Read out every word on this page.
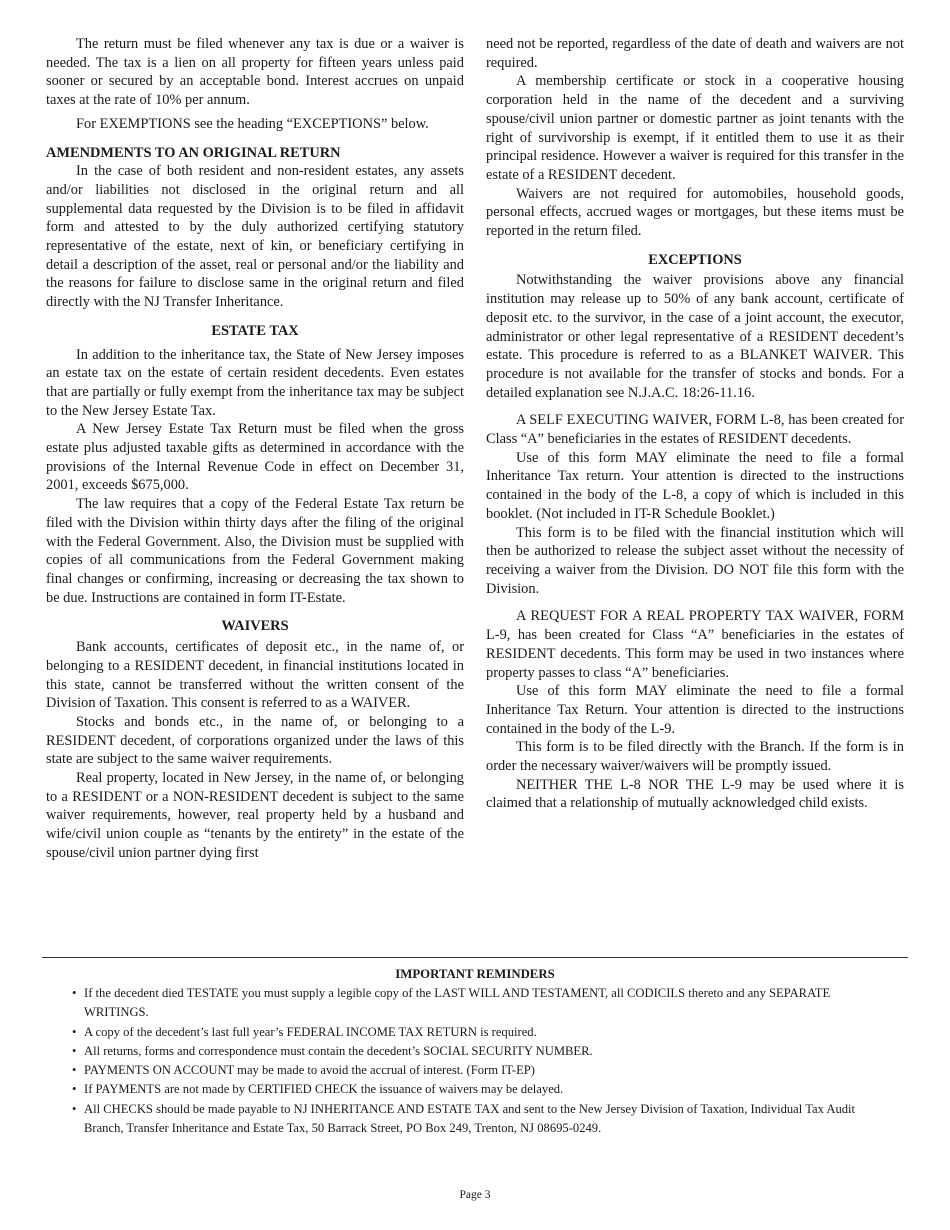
The return must be filed whenever any tax is due or a waiver is needed. The tax is a lien on all property for fifteen years unless paid sooner or secured by an acceptable bond. Interest accrues on unpaid taxes at the rate of 10% per annum.

For EXEMPTIONS see the heading “EXCEPTIONS” below.

AMENDMENTS TO AN ORIGINAL RETURN

In the case of both resident and non-resident estates, any assets and/or liabilities not disclosed in the original return and all supplemental data requested by the Division is to be filed in affidavit form and attested to by the duly authorized certifying statutory representative of the estate, next of kin, or beneficiary certifying in detail a description of the asset, real or personal and/or the liability and the reasons for failure to disclose same in the original return and filed directly with the NJ Transfer Inheritance.

ESTATE TAX

In addition to the inheritance tax, the State of New Jersey imposes an estate tax on the estate of certain resident decedents. Even estates that are partially or fully exempt from the inheritance tax may be subject to the New Jersey Estate Tax.

A New Jersey Estate Tax Return must be filed when the gross estate plus adjusted taxable gifts as determined in accordance with the provisions of the Internal Revenue Code in effect on December 31, 2001, exceeds $675,000.

The law requires that a copy of the Federal Estate Tax return be filed with the Division within thirty days after the filing of the original with the Federal Government. Also, the Division must be supplied with copies of all communications from the Federal Government making final changes or confirming, increasing or decreasing the tax shown to be due. Instructions are contained in form IT-Estate.

WAIVERS

Bank accounts, certificates of deposit etc., in the name of, or belonging to a RESIDENT decedent, in financial institutions located in this state, cannot be transferred without the written consent of the Division of Taxation. This consent is referred to as a WAIVER.

Stocks and bonds etc., in the name of, or belonging to a RESIDENT decedent, of corporations organized under the laws of this state are subject to the same waiver requirements.

Real property, located in New Jersey, in the name of, or belonging to a RESIDENT or a NON-RESIDENT decedent is subject to the same waiver requirements, however, real property held by a husband and wife/civil union couple as “tenants by the entirety” in the estate of the spouse/civil union partner dying first

need not be reported, regardless of the date of death and waivers are not required.

A membership certificate or stock in a cooperative housing corporation held in the name of the decedent and a surviving spouse/civil union partner or domestic partner as joint tenants with the right of survivorship is exempt, if it entitled them to use it as their principal residence. However a waiver is required for this transfer in the estate of a RESIDENT decedent.

Waivers are not required for automobiles, household goods, personal effects, accrued wages or mortgages, but these items must be reported in the return filed.

EXCEPTIONS

Notwithstanding the waiver provisions above any financial institution may release up to 50% of any bank account, certificate of deposit etc. to the survivor, in the case of a joint account, the executor, administrator or other legal representative of a RESIDENT decedent’s estate. This procedure is referred to as a BLANKET WAIVER. This procedure is not available for the transfer of stocks and bonds. For a detailed explanation see N.J.A.C. 18:26-11.16.

A SELF EXECUTING WAIVER, FORM L-8, has been created for Class “A” beneficiaries in the estates of RESIDENT decedents.

Use of this form MAY eliminate the need to file a formal Inheritance Tax return. Your attention is directed to the instructions contained in the body of the L-8, a copy of which is included in this booklet. (Not included in IT-R Schedule Booklet.)

This form is to be filed with the financial institution which will then be authorized to release the subject asset without the necessity of receiving a waiver from the Division. DO NOT file this form with the Division.

A REQUEST FOR A REAL PROPERTY TAX WAIVER, FORM L-9, has been created for Class “A” beneficiaries in the estates of RESIDENT decedents. This form may be used in two instances where property passes to class “A” beneficiaries.

Use of this form MAY eliminate the need to file a formal Inheritance Tax Return. Your attention is directed to the instructions contained in the body of the L-9.

This form is to be filed directly with the Branch. If the form is in order the necessary waiver/waivers will be promptly issued.

NEITHER THE L-8 NOR THE L-9 may be used where it is claimed that a relationship of mutually acknowledged child exists.

IMPORTANT REMINDERS
• If the decedent died TESTATE you must supply a legible copy of the LAST WILL AND TESTAMENT, all CODICILS thereto and any SEPARATE WRITINGS.
• A copy of the decedent’s last full year’s FEDERAL INCOME TAX RETURN is required.
• All returns, forms and correspondence must contain the decedent’s SOCIAL SECURITY NUMBER.
• PAYMENTS ON ACCOUNT may be made to avoid the accrual of interest. (Form IT-EP)
• If PAYMENTS are not made by CERTIFIED CHECK the issuance of waivers may be delayed.
• All CHECKS should be made payable to NJ INHERITANCE AND ESTATE TAX and sent to the New Jersey Division of Taxation, Individual Tax Audit Branch, Transfer Inheritance and Estate Tax, 50 Barrack Street, PO Box 249, Trenton, NJ 08695-0249.
Page 3
